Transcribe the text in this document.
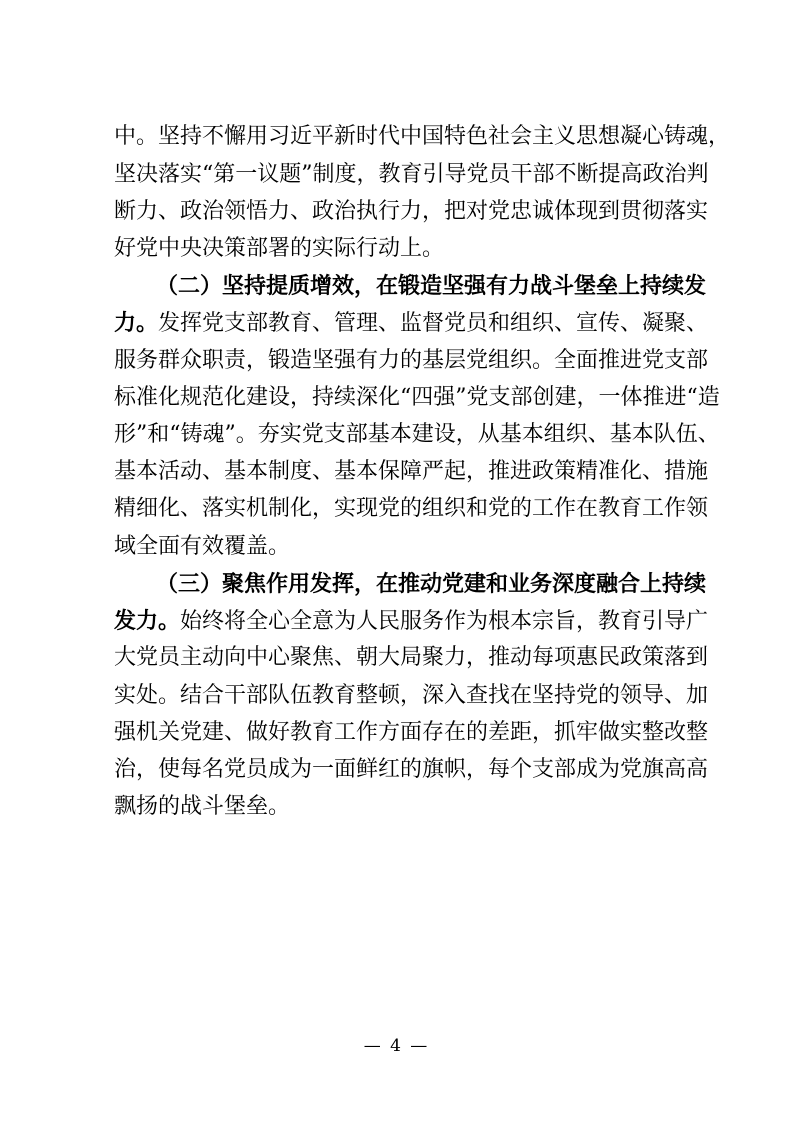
中。坚持不懈用习近平新时代中国特色社会主义思想凝心铸魂，
坚决落实“第一议题”制度，教育引导党员干部不断提高政治判
断力、政治领悟力、政治执行力，把对党忠诚体现到贯彻落实
好党中央决策部署的实际行动上。
（二）坚持提质增效，在锻造坚强有力战斗堡垒上持续发
力。发挥党支部教育、管理、监督党员和组织、宣传、凝聚、
服务群众职责，锻造坚强有力的基层党组织。全面推进党支部
标准化规范化建设，持续深化“四强”党支部创建，一体推进“造
形”和“铸魂”。夯实党支部基本建设，从基本组织、基本队伍、
基本活动、基本制度、基本保障严起，推进政策精准化、措施
精细化、落实机制化，实现党的组织和党的工作在教育工作领
域全面有效覆盖。
（三）聚焦作用发挥，在推动党建和业务深度融合上持续
发力。始终将全心全意为人民服务作为根本宗旨，教育引导广
大党员主动向中心聚焦、朝大局聚力，推动每项惠民政策落到
实处。结合干部队伍教育整顿，深入查找在坚持党的领导、加
强机关党建、做好教育工作方面存在的差距，抓牢做实整改整
治，使每名党员成为一面鲜红的旗帜，每个支部成为党旗高高
飘扬的战斗堡垒。
— 4 —
